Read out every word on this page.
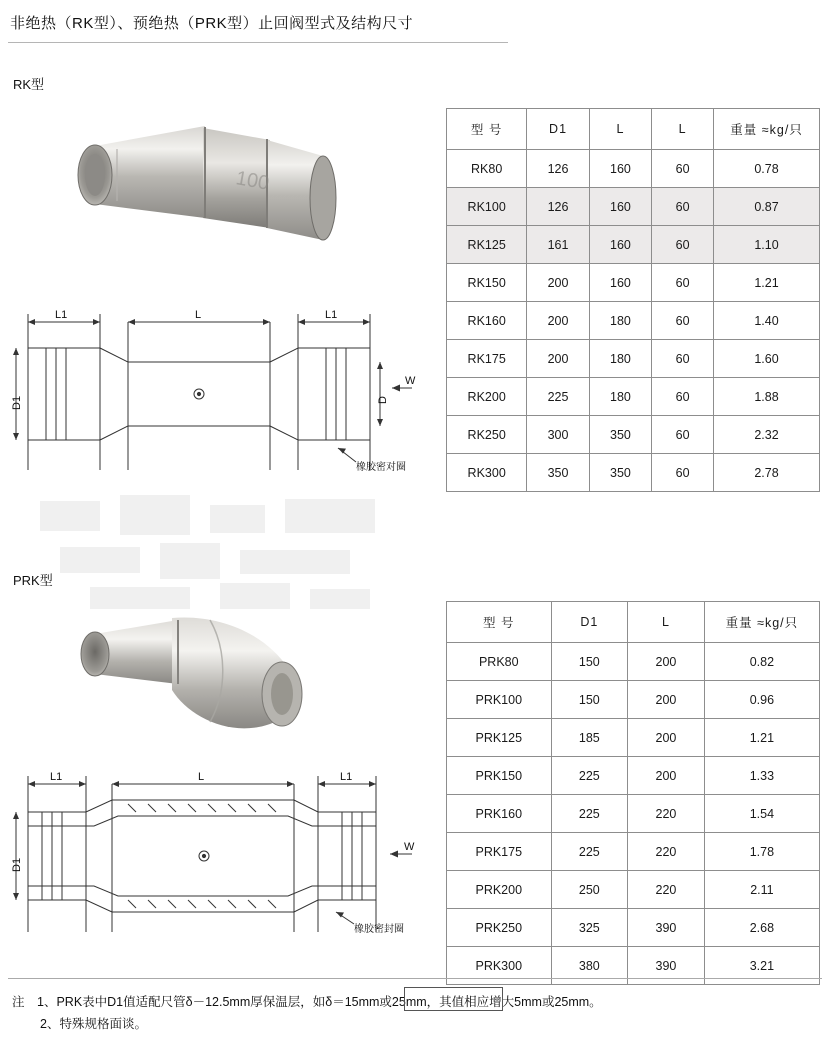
非绝热（RK型）、预绝热（PRK型）止回阀型式及结构尺寸
RK型
100
L1	L	L1
D1	D
W
橡胶密对圈
型 号	D1	L	L	重量 ≈kg/只
RK80	126	160	60	0.78
RK100	126	160	60	0.87
RK125	161	160	60	1.10
RK150	200	160	60	1.21
RK160	200	180	60	1.40
RK175	200	180	60	1.60
RK200	225	180	60	1.88
RK250	300	350	60	2.32
RK300	350	350	60	2.78
PRK型
L1	L	L1
D1
W
橡胶密封圈
型 号	D1	L	重量 ≈kg/只
PRK80	150	200	0.82
PRK100	150	200	0.96
PRK125	185	200	1.21
PRK150	225	200	1.33
PRK160	225	220	1.54
PRK175	225	220	1.78
PRK200	250	220	2.11
PRK250	325	390	2.68
PRK300	380	390	3.21
注　1、PRK表中D1值适配尺管δ－12.5mm厚保温层，如δ＝15mm或25mm，其值相应增大5mm或25mm。
2、特殊规格面谈。
